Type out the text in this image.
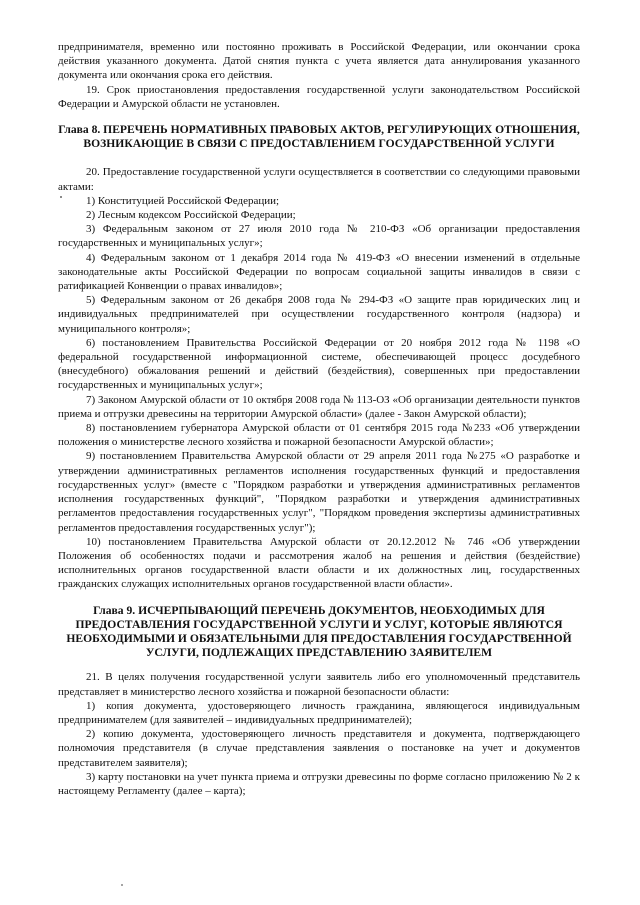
предпринимателя, временно или постоянно проживать в Российской Федерации, или окончании срока действия указанного документа. Датой снятия пункта с учета является дата аннулирования указанного документа или окончания срока его действия.

19. Срок приостановления предоставления государственной услуги законодательством Российской Федерации и Амурской области не установлен.

Глава 8. ПЕРЕЧЕНЬ НОРМАТИВНЫХ ПРАВОВЫХ АКТОВ, РЕГУЛИРУЮЩИХ ОТНОШЕНИЯ, ВОЗНИКАЮЩИЕ В СВЯЗИ С ПРЕДОСТАВЛЕНИЕМ ГОСУДАРСТВЕННОЙ УСЛУГИ

20. Предоставление государственной услуги осуществляется в соответствии со следующими правовыми актами:

1) Конституцией Российской Федерации;

2) Лесным кодексом Российской Федерации;

3) Федеральным законом от 27 июля 2010 года № 210-ФЗ «Об организации предоставления государственных и муниципальных услуг»;

4) Федеральным законом от 1 декабря 2014 года № 419-ФЗ «О внесении изменений в отдельные законодательные акты Российской Федерации по вопросам социальной защиты инвалидов в связи с ратификацией Конвенции о правах инвалидов»;

5) Федеральным законом от 26 декабря 2008 года № 294-ФЗ «О защите прав юридических лиц и индивидуальных предпринимателей при осуществлении государственного контроля (надзора) и муниципального контроля»;

6) постановлением Правительства Российской Федерации от 20 ноября 2012 года № 1198 «О федеральной государственной информационной системе, обеспечивающей процесс досудебного (внесудебного) обжалования решений и действий (бездействия), совершенных при предоставлении государственных и муниципальных услуг»;

7) Законом Амурской области от 10 октября 2008 года № 113-ОЗ «Об организации деятельности пунктов приема и отгрузки древесины на территории Амурской области» (далее - Закон Амурской области);

8) постановлением губернатора Амурской области от 01 сентября 2015 года №233 «Об утверждении положения о министерстве лесного хозяйства и пожарной безопасности Амурской области»;

9) постановлением Правительства Амурской области от 29 апреля 2011 года №275 «О разработке и утверждении административных регламентов исполнения государственных функций и предоставления государственных услуг» (вместе с "Порядком разработки и утверждения административных регламентов исполнения государственных функций", "Порядком разработки и утверждения административных регламентов предоставления государственных услуг", "Порядком проведения экспертизы административных регламентов предоставления государственных услуг");

10) постановлением Правительства Амурской области от 20.12.2012 № 746 «Об утверждении Положения об особенностях подачи и рассмотрения жалоб на решения и действия (бездействие) исполнительных органов государственной власти области и их должностных лиц, государственных гражданских служащих исполнительных органов государственной власти области».

Глава 9. ИСЧЕРПЫВАЮЩИЙ ПЕРЕЧЕНЬ ДОКУМЕНТОВ, НЕОБХОДИМЫХ ДЛЯ ПРЕДОСТАВЛЕНИЯ ГОСУДАРСТВЕННОЙ УСЛУГИ И УСЛУГ, КОТОРЫЕ ЯВЛЯЮТСЯ НЕОБХОДИМЫМИ И ОБЯЗАТЕЛЬНЫМИ ДЛЯ ПРЕДОСТАВЛЕНИЯ ГОСУДАРСТВЕННОЙ УСЛУГИ, ПОДЛЕЖАЩИХ ПРЕДСТАВЛЕНИЮ ЗАЯВИТЕЛЕМ

21. В целях получения государственной услуги заявитель либо его уполномоченный представитель представляет в министерство лесного хозяйства и пожарной безопасности области:

1) копия документа, удостоверяющего личность гражданина, являющегося индивидуальным предпринимателем (для заявителей – индивидуальных предпринимателей);

2) копию документа, удостоверяющего личность представителя и документа, подтверждающего полномочия представителя (в случае представления заявления о постановке на учет и документов представителем заявителя);

3) карту постановки на учет пункта приема и отгрузки древесины по форме согласно приложению № 2 к настоящему Регламенту (далее – карта);
